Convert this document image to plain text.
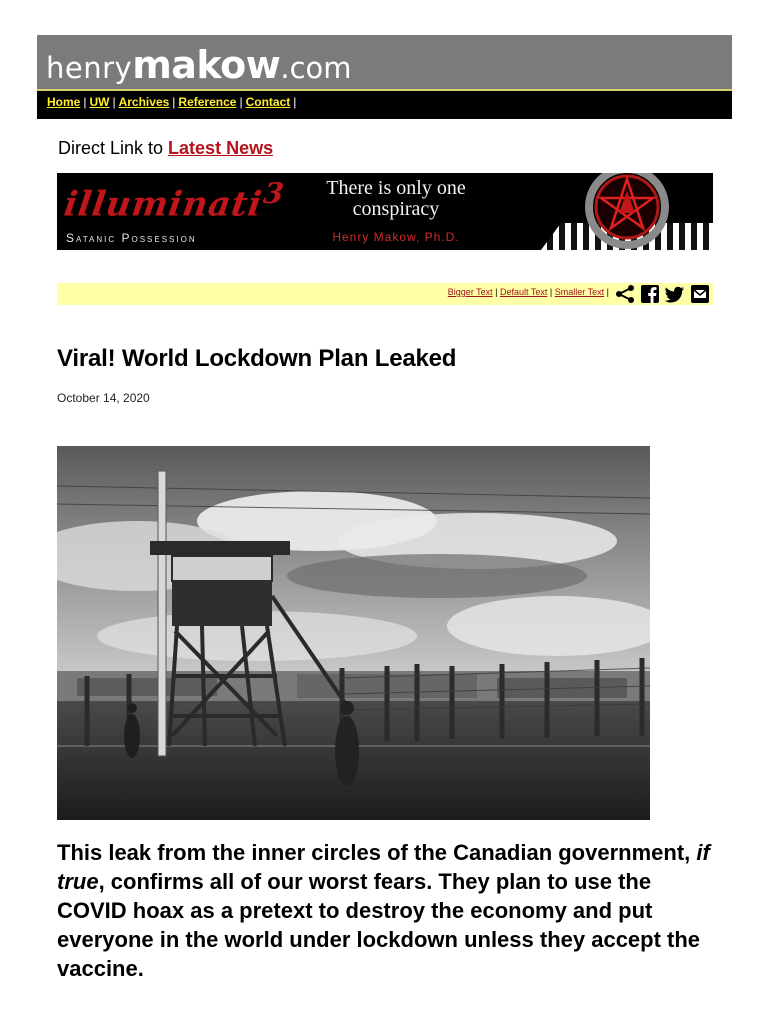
henrymakow.com
Home | UW | Archives | Reference | Contact |
Direct Link to Latest News
illuminati$^3$
Satanic Possession
There is only one conspiracy
Henry Makow, Ph.D.
Bigger Text | Default Text | Smaller Text |
Viral! World Lockdown Plan Leaked
October 14, 2020

This leak from the inner circles of the Canadian government, if true, confirms all of our worst fears. They plan to use the COVID hoax as a pretext to destroy the economy and put everyone in the world under lockdown unless they accept the vaccine.
